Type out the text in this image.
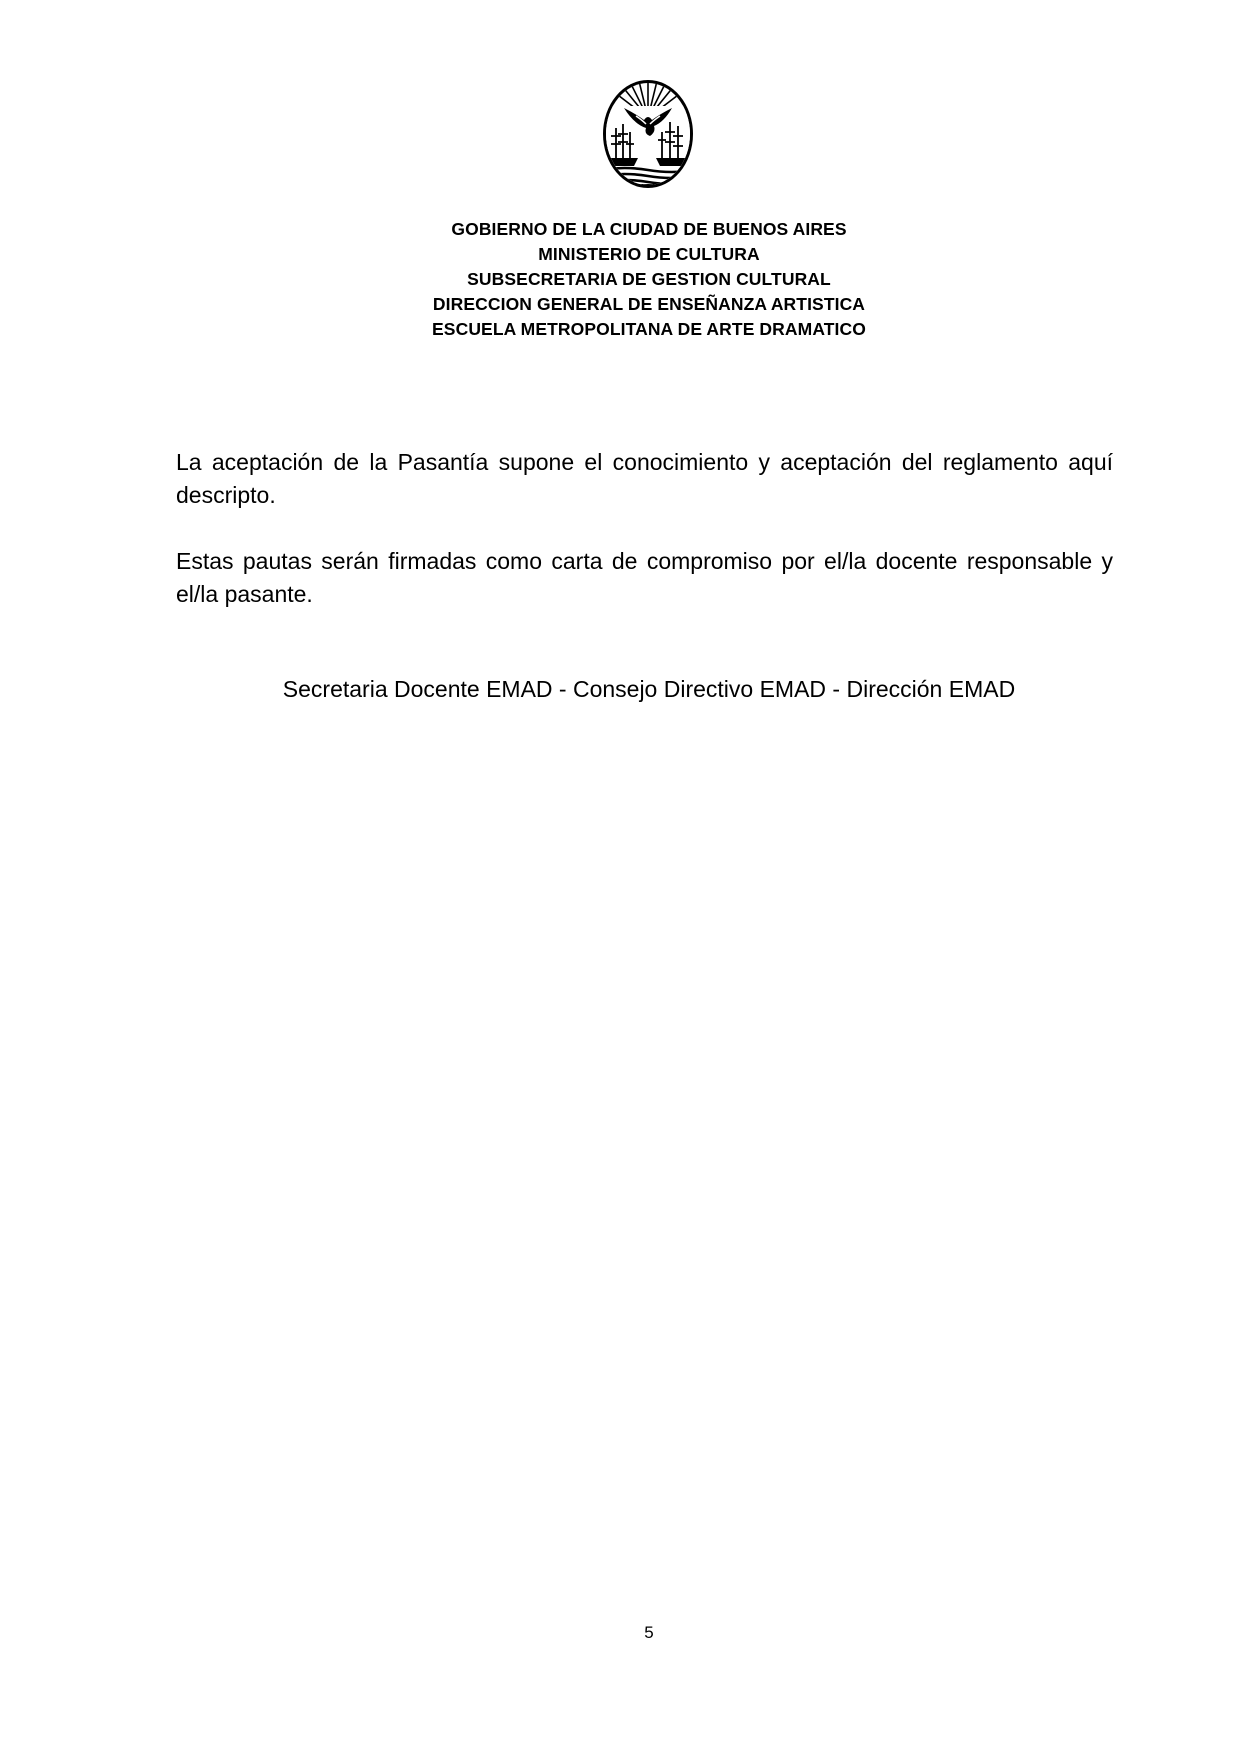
GOBIERNO DE LA CIUDAD DE BUENOS AIRES
MINISTERIO DE CULTURA
SUBSECRETARIA DE GESTION CULTURAL
DIRECCION GENERAL DE ENSEÑANZA ARTISTICA
ESCUELA METROPOLITANA DE ARTE DRAMATICO

La aceptación de la Pasantía supone el conocimiento y aceptación del reglamento aquí descripto.

Estas pautas serán firmadas como carta de compromiso por el/la docente responsable y el/la pasante.

Secretaria Docente EMAD - Consejo Directivo EMAD - Dirección EMAD
5
